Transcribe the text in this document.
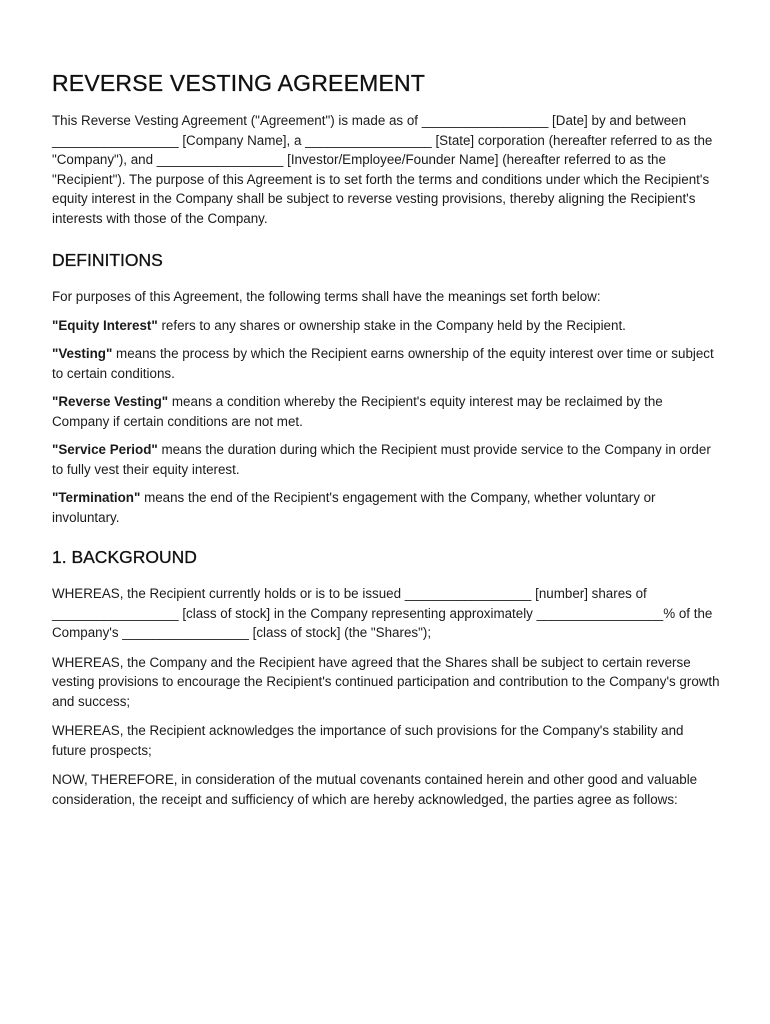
REVERSE VESTING AGREEMENT

This Reverse Vesting Agreement ("Agreement") is made as of _________________ [Date] by and between _________________ [Company Name], a _________________ [State] corporation (hereafter referred to as the "Company"), and _________________ [Investor/Employee/Founder Name] (hereafter referred to as the "Recipient"). The purpose of this Agreement is to set forth the terms and conditions under which the Recipient's equity interest in the Company shall be subject to reverse vesting provisions, thereby aligning the Recipient's interests with those of the Company.

DEFINITIONS

For purposes of this Agreement, the following terms shall have the meanings set forth below:

"Equity Interest" refers to any shares or ownership stake in the Company held by the Recipient.

"Vesting" means the process by which the Recipient earns ownership of the equity interest over time or subject to certain conditions.

"Reverse Vesting" means a condition whereby the Recipient's equity interest may be reclaimed by the Company if certain conditions are not met.

"Service Period" means the duration during which the Recipient must provide service to the Company in order to fully vest their equity interest.

"Termination" means the end of the Recipient's engagement with the Company, whether voluntary or involuntary.

1. BACKGROUND

WHEREAS, the Recipient currently holds or is to be issued _________________ [number] shares of _________________ [class of stock] in the Company representing approximately _________________% of the Company's _________________ [class of stock] (the "Shares");

WHEREAS, the Company and the Recipient have agreed that the Shares shall be subject to certain reverse vesting provisions to encourage the Recipient's continued participation and contribution to the Company's growth and success;

WHEREAS, the Recipient acknowledges the importance of such provisions for the Company's stability and future prospects;

NOW, THEREFORE, in consideration of the mutual covenants contained herein and other good and valuable consideration, the receipt and sufficiency of which are hereby acknowledged, the parties agree as follows:
